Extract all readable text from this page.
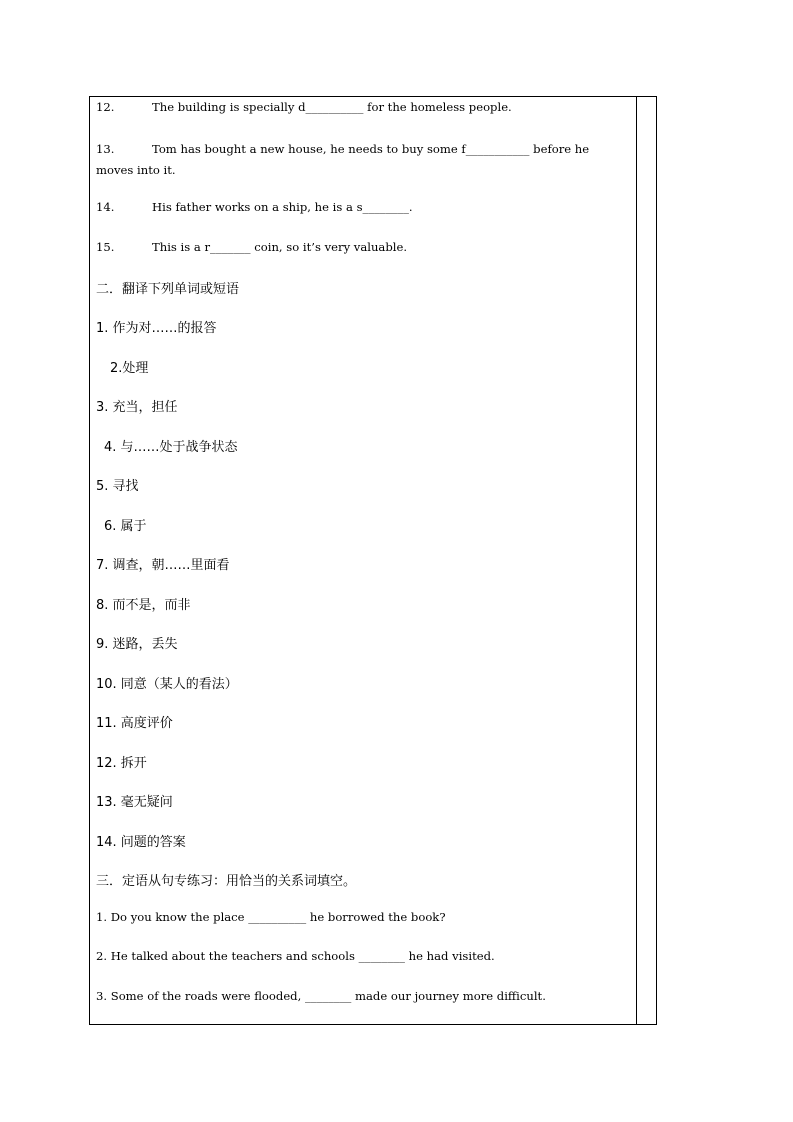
12.	The building is specially d__________ for the homeless people.
13.	Tom has bought a new house, he needs to buy some f___________ before he moves into it.
14.	His father works on a ship, he is a s________.
15.	This is a r_______ coin, so it’s very valuable.
二．翻译下列单词或短语
1. 作为对……的报答
2.处理
3. 充当，担任
4. 与……处于战争状态
5. 寻找
6. 属于
7. 调查，朝……里面看
8. 而不是，而非
9. 迷路，丢失
10. 同意（某人的看法）
11. 高度评价
12. 拆开
13. 毫无疑问
14. 问题的答案
三．定语从句专练习：用恰当的关系词填空。
1. Do you know the place __________ he borrowed the book?
2. He talked about the teachers and schools ________ he had visited.
3. Some of the roads were flooded, ________ made our journey more difficult.
